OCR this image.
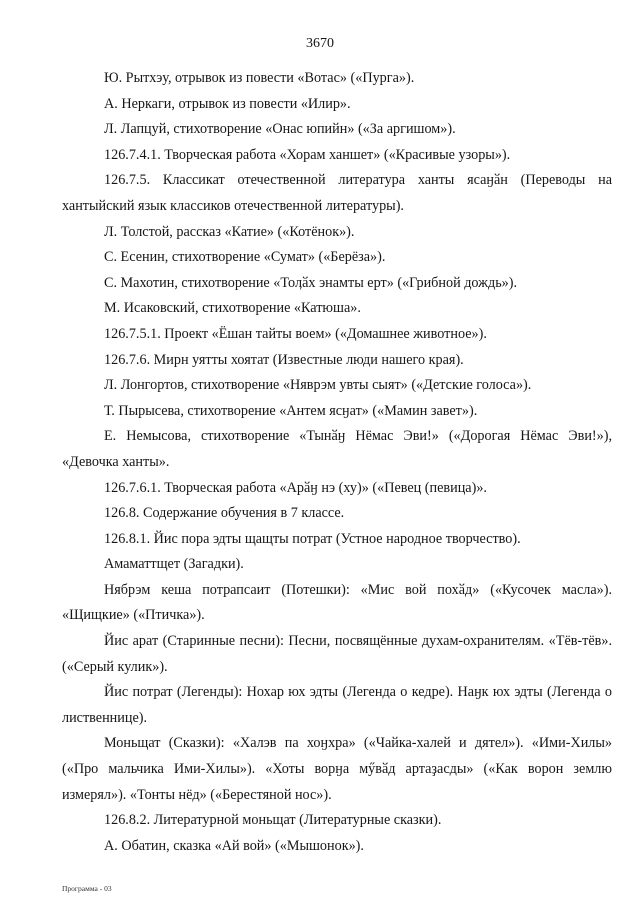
3670

Ю. Рытхэу, отрывок из повести «Вотас» («Пурга»).

А. Неркаги, отрывок из повести «Илир».

Л. Лапцуй, стихотворение «Онас юпийн» («За аргишом»).

126.7.4.1. Творческая работа «Хорам ханшет» («Красивые узоры»).

126.7.5. Классикат отечественной литература ханты ясаӈӑн (Переводы на хантыйский язык классиков отечественной литературы).

Л. Толстой, рассказ «Катие» («Котёнок»).

С. Есенин, стихотворение «Сумат» («Берёза»).

С. Махотин, стихотворение «Тоӆӑх энамты ерт» («Грибной дождь»).

М. Исаковский, стихотворение «Катюша».

126.7.5.1. Проект «Ёшан тайты воем» («Домашнее животное»).

126.7.6. Мирн уятты хоятат (Известные люди нашего края).

Л. Лонгортов, стихотворение «Няврэм увты сыят» («Детские голоса»).

Т. Пырысева, стихотворение «Антем ясӈат» («Мамин завет»).

Е. Немысова, стихотворение «Тынӑӈ Нёмас Эви!» («Дорогая Нёмас Эви!»), «Девочка ханты».

126.7.6.1. Творческая работа «Арӑӈ нэ (ху)» («Певец (певица)».

126.8. Содержание обучения в 7 классе.

126.8.1. Йис пора эдты щащты потрат (Устное народное творчество).

Амаматтщет (Загадки).

Нябрэм кеша потрапсаит (Потешки): «Мис вой похӑд» («Кусочек масла»). «Щищкие» («Птичка»).

Йис арат (Старинные песни): Песни, посвящённые духам-охранителям. «Тёв-тёв». («Серый кулик»).

Йис потрат (Легенды): Нохар юх эдты (Легенда о кедре). Наӈк юх эдты (Легенда о лиственнице).

Моньщат (Сказки): «Халэв па хоӈхра» («Чайка-халей и дятел»). «Ими-Хилы» («Про мальчика Ими-Хилы»). «Хоты ворӈа мӳвӑд артаҙасды» («Как ворон землю измерял»). «Тонты нёд» («Берестяной нос»).

126.8.2. Литературной моньщат (Литературные сказки).

А. Обатин, сказка «Ай вой» («Мышонок»).

Программа - 03
